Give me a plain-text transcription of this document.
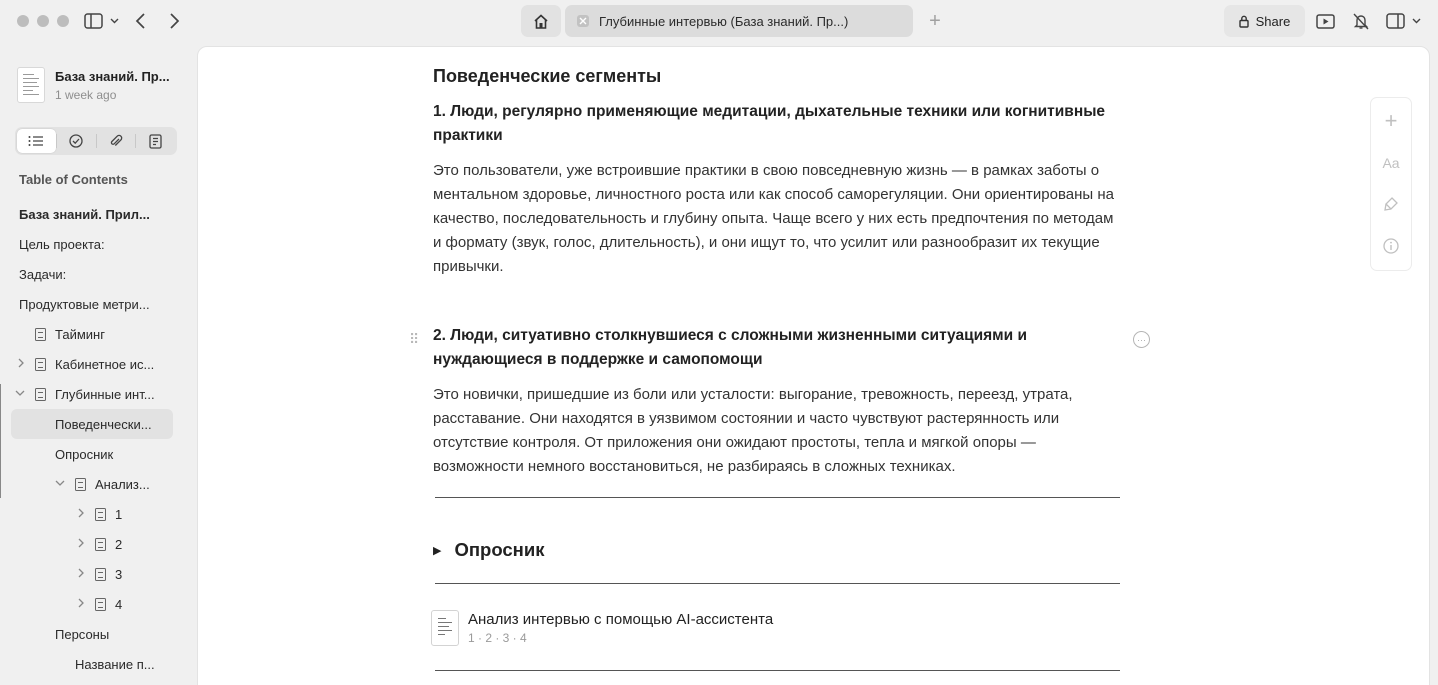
Глубинные интервью (База знаний. Пр...)	+	Share
База знаний. Пр...
1 week ago
Table of Contents
База знаний. Прил...
Цель проекта:
Задачи:
Продуктовые метри...
Тайминг
Кабинетное ис...
Глубинные инт...
Поведенчески...
Опросник
Анализ...
1
2
3
4
Персоны
Название п...
Поведенческие сегменты
1. Люди, регулярно применяющие медитации, дыхательные техники или когнитивные практики
Это пользователи, уже встроившие практики в свою повседневную жизнь — в рамках заботы о ментальном здоровье, личностного роста или как способ саморегуляции. Они ориентированы на качество, последовательность и глубину опыта. Чаще всего у них есть предпочтения по методам и формату (звук, голос, длительность), и они ищут то, что усилит или разнообразит их текущие привычки.
⠿ 2. Люди, ситуативно столкнувшиеся с сложными жизненными ситуациями и нуждающиеся в поддержке и самопомощи
···
Это новички, пришедшие из боли или усталости: выгорание, тревожность, переезд, утрата, расставание. Они находятся в уязвимом состоянии и часто чувствуют растерянность или отсутствие контроля. От приложения они ожидают простоты, тепла и мягкой опоры — возможности немного восстановиться, не разбираясь в сложных техниках.
▶ Опросник
Анализ интервью с помощью AI-ассистента
1 · 2 · 3 · 4
+
Aa
